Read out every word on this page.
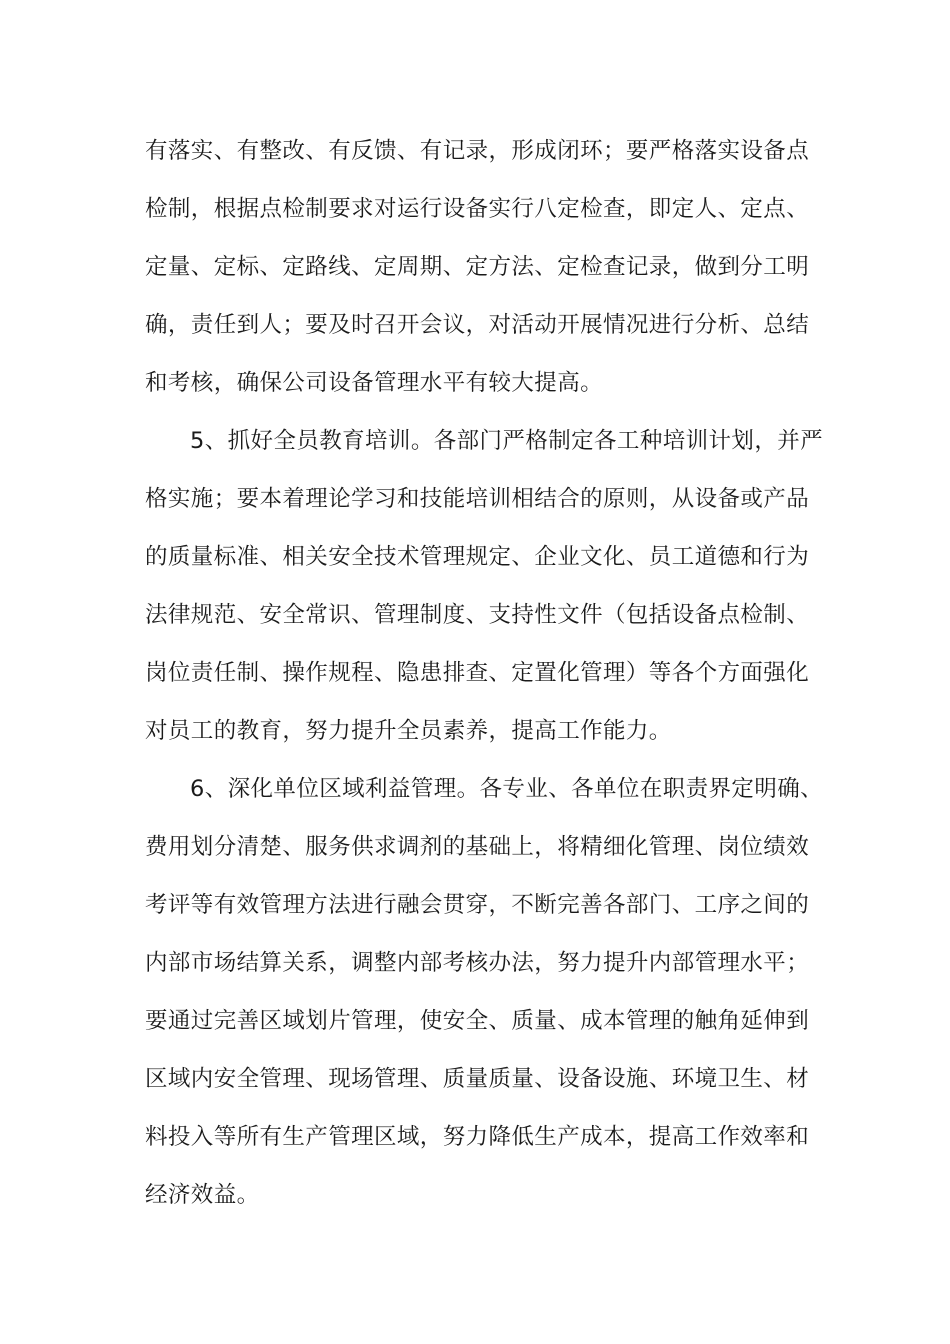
有落实、有整改、有反馈、有记录，形成闭环；要严格落实设备点
检制，根据点检制要求对运行设备实行八定检查，即定人、定点、
定量、定标、定路线、定周期、定方法、定检查记录，做到分工明
确，责任到人；要及时召开会议，对活动开展情况进行分析、总结
和考核，确保公司设备管理水平有较大提高。
5、抓好全员教育培训。各部门严格制定各工种培训计划，并严
格实施；要本着理论学习和技能培训相结合的原则，从设备或产品
的质量标准、相关安全技术管理规定、企业文化、员工道德和行为
法律规范、安全常识、管理制度、支持性文件（包括设备点检制、
岗位责任制、操作规程、隐患排查、定置化管理）等各个方面强化
对员工的教育，努力提升全员素养，提高工作能力。
6、深化单位区域利益管理。各专业、各单位在职责界定明确、
费用划分清楚、服务供求调剂的基础上，将精细化管理、岗位绩效
考评等有效管理方法进行融会贯穿，不断完善各部门、工序之间的
内部市场结算关系，调整内部考核办法，努力提升内部管理水平；
要通过完善区域划片管理，使安全、质量、成本管理的触角延伸到
区域内安全管理、现场管理、质量质量、设备设施、环境卫生、材
料投入等所有生产管理区域，努力降低生产成本，提高工作效率和
经济效益。
